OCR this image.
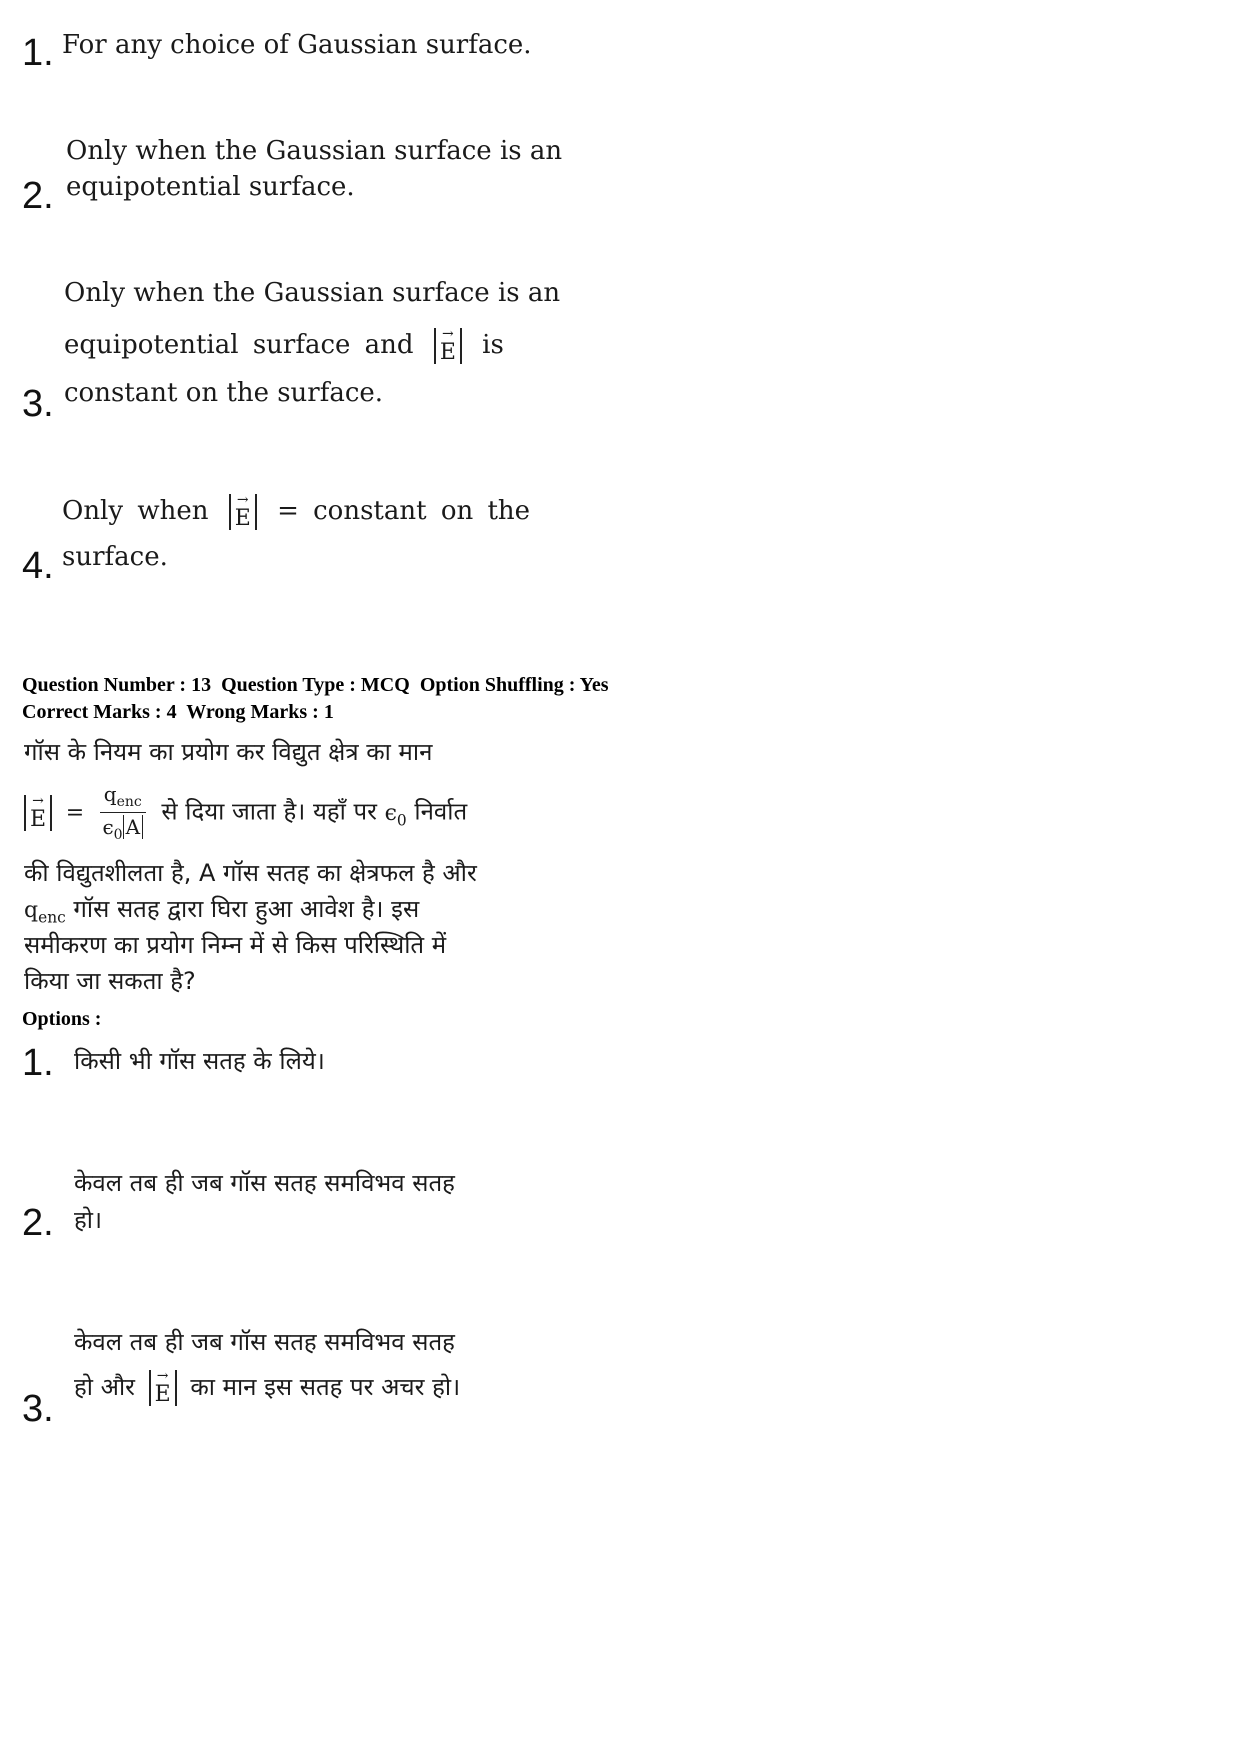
1. For any choice of Gaussian surface.
Only when the Gaussian surface is an
2. equipotential surface.
Only when the Gaussian surface is an
equipotential surface and	→
E is
3. constant on the surface.
Only when	→
E = constant on the
4. surface.
Question Number : 13 Question Type : MCQ Option Shuffling : Yes
Correct Marks : 4 Wrong Marks : 1
गॉस के नियम का प्रयोग कर विद्युत क्षेत्र का मान
→
$E = \frac{q_{enc}}{\epsilon_0 A}$ से दिया जाता है। यहाँ पर $\epsilon_0$ निर्वात
की विद्युतशीलता है, A गॉस सतह का क्षेत्रफल है और
$q_{enc}$ गॉस सतह द्वारा घिरा हुआ आवेश है। इस
समीकरण का प्रयोग निम्न में से किस परिस्थिति में
किया जा सकता है?
Options :
1. किसी भी गॉस सतह के लिये।
केवल तब ही जब गॉस सतह समविभव सतह
2. हो।
केवल तब ही जब गॉस सतह समविभव सतह
3.
हो और	→
E का मान इस सतह पर अचर हो।
